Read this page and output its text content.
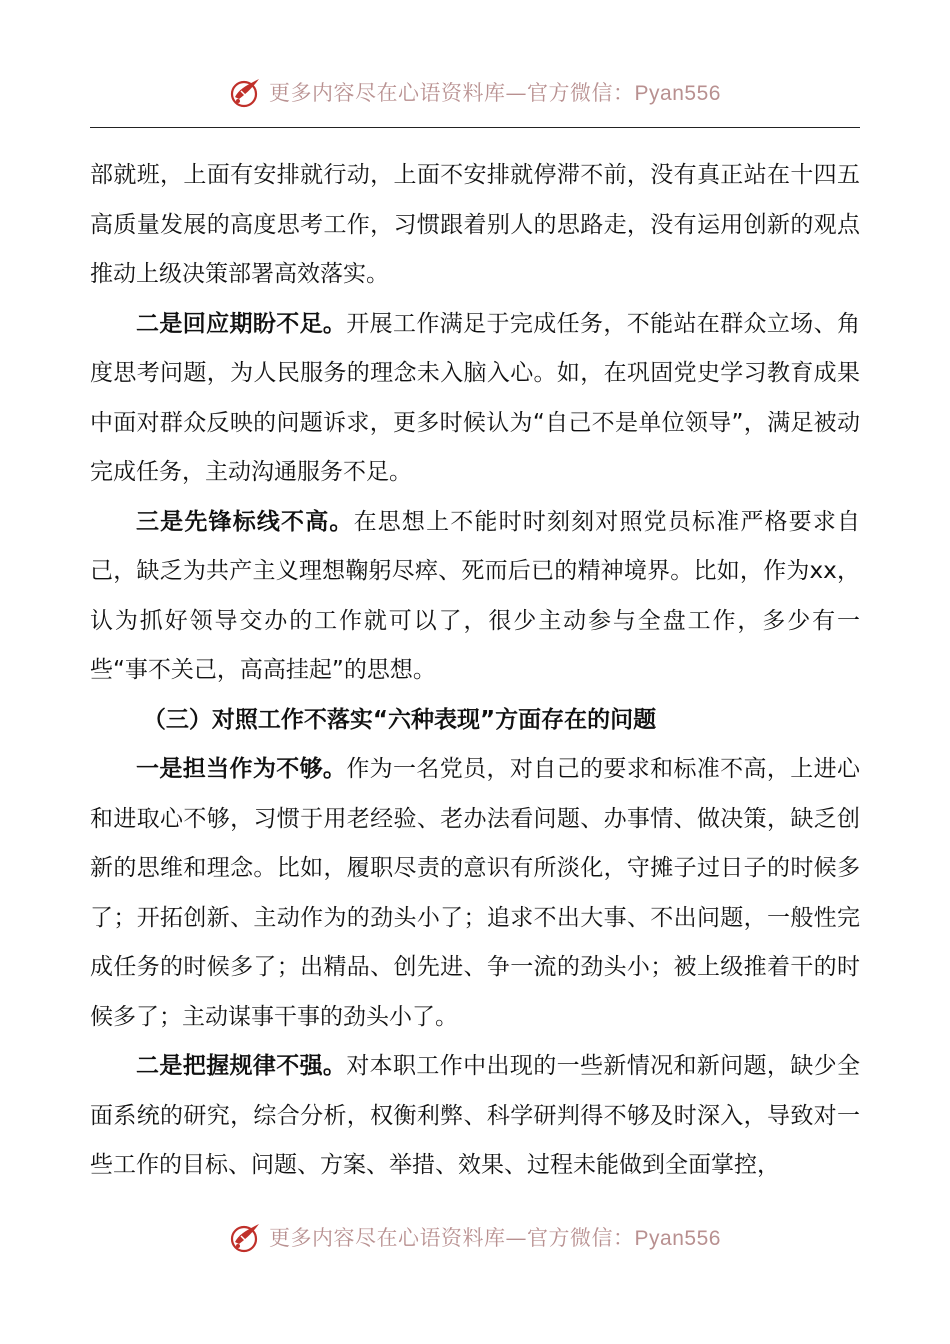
更多内容尽在心语资料库—官方微信：Pyan556

部就班，上面有安排就行动，上面不安排就停滞不前，没有真正站在十四五高质量发展的高度思考工作，习惯跟着别人的思路走，没有运用创新的观点推动上级决策部署高效落实。

二是回应期盼不足。开展工作满足于完成任务，不能站在群众立场、角度思考问题，为人民服务的理念未入脑入心。如，在巩固党史学习教育成果中面对群众反映的问题诉求，更多时候认为“自己不是单位领导”，满足被动完成任务，主动沟通服务不足。

三是先锋标线不高。在思想上不能时时刻刻对照党员标准严格要求自己，缺乏为共产主义理想鞠躬尽瘁、死而后已的精神境界。比如，作为xx，认为抓好领导交办的工作就可以了，很少主动参与全盘工作，多少有一些“事不关己，高高挂起”的思想。

（三）对照工作不落实“六种表现”方面存在的问题

一是担当作为不够。作为一名党员，对自己的要求和标准不高，上进心和进取心不够，习惯于用老经验、老办法看问题、办事情、做决策，缺乏创新的思维和理念。比如，履职尽责的意识有所淡化，守摊子过日子的时候多了；开拓创新、主动作为的劲头小了；追求不出大事、不出问题，一般性完成任务的时候多了；出精品、创先进、争一流的劲头小；被上级推着干的时候多了；主动谋事干事的劲头小了。

二是把握规律不强。对本职工作中出现的一些新情况和新问题，缺少全面系统的研究，综合分析，权衡利弊、科学研判得不够及时深入，导致对一些工作的目标、问题、方案、举措、效果、过程未能做到全面掌控，

更多内容尽在心语资料库—官方微信：Pyan556
